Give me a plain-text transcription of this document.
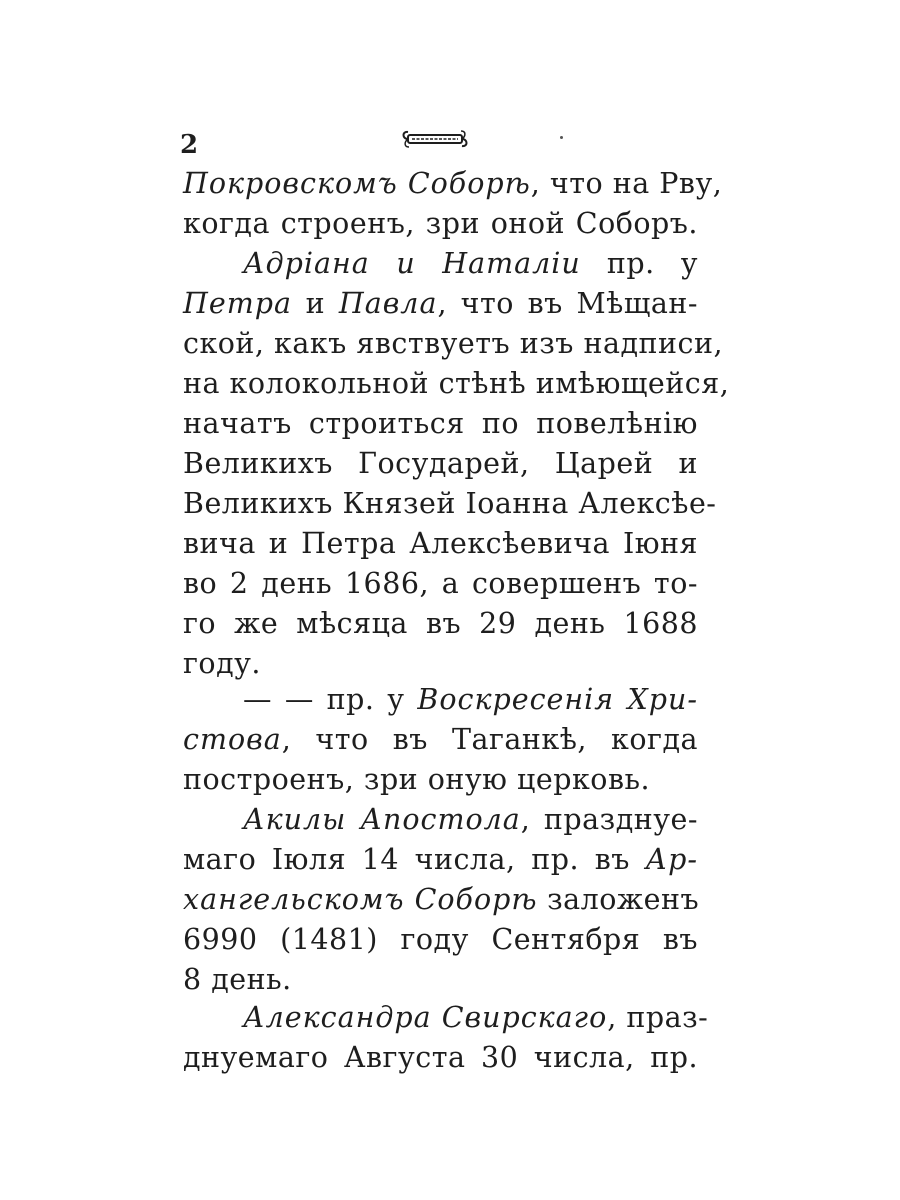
2
Покровскомъ Соборѣ, что на Рву,
когда строенъ, зри оной Соборъ.
Адріана и Наталіи пр. у
Петра и Павла, что въ Мѣщан-
ской, какъ явствуетъ изъ надписи,
на колокольной стѣнѣ имѣющейся,
начатъ строиться по повелѣнію
Великихъ Государей, Царей и
Великихъ Князей Іоанна Алексѣе-
вича и Петра Алексѣевича Іюня
во 2 день 1686, а совершенъ то-
го же мѣсяца въ 29 день 1688
году.
— — пр. у Воскресенія Хри-
стова, что въ Таганкѣ, когда
построенъ, зри оную церковь.
Акилы Апостола, празднуе-
маго Іюля 14 числа, пр. въ Ар-
хангельскомъ Соборѣ заложенъ
6990 (1481) году Сентября въ
8 день.
Александра Свирскаго, праз-
днуемаго Августа 30 числа, пр.
